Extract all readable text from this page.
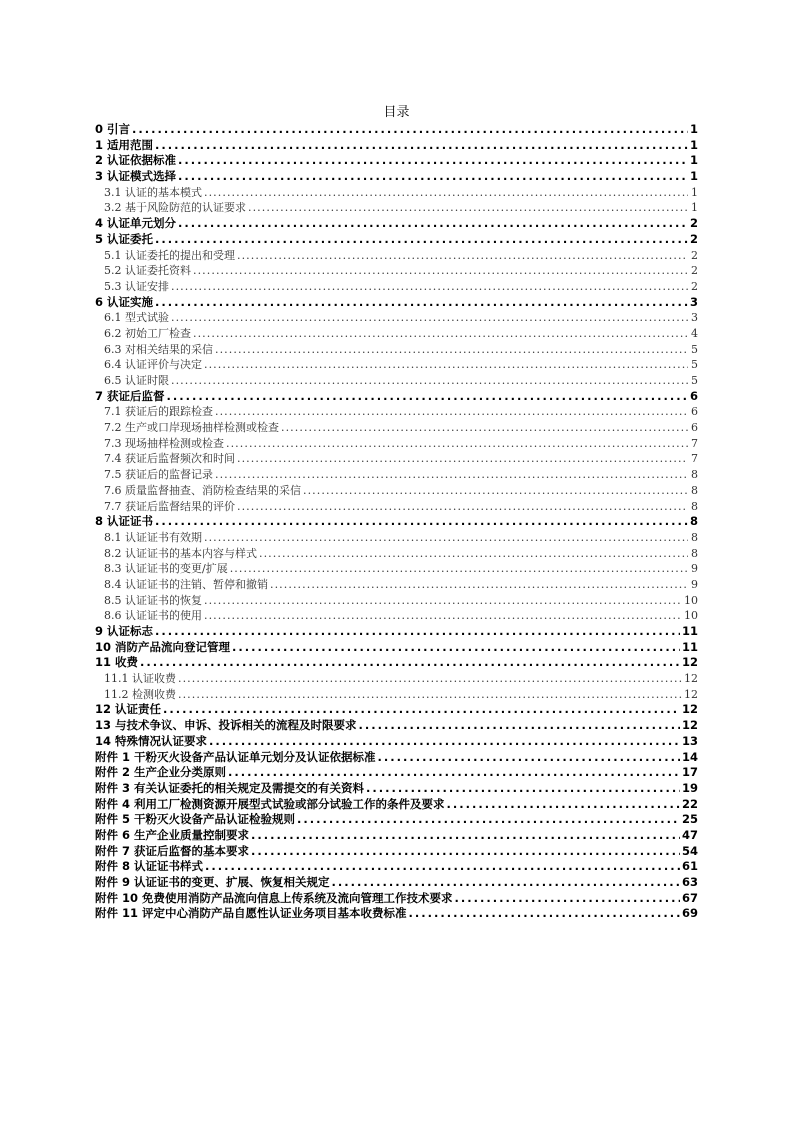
目录
0 引言 . . .	1
1 适用范围 . . .	1
2 认证依据标准 . . .	1
3 认证模式选择 . . .	1
3.1 认证的基本模式 . . .	1
3.2 基于风险防范的认证要求 . . .	1
4 认证单元划分 . . .	2
5 认证委托 . . .	2
5.1 认证委托的提出和受理 . . .	2
5.2 认证委托资料 . . .	2
5.3 认证安排 . . .	2
6 认证实施 . . .	3
6.1 型式试验 . . .	3
6.2 初始工厂检查 . . .	4
6.3 对相关结果的采信 . . .	5
6.4 认证评价与决定 . . .	5
6.5 认证时限 . . .	5
7 获证后监督 . . .	6
7.1 获证后的跟踪检查 . . .	6
7.2 生产或口岸现场抽样检测或检查 . . .	6
7.3 现场抽样检测或检查 . . .	7
7.4 获证后监督频次和时间 . . .	7
7.5 获证后的监督记录 . . .	8
7.6 质量监督抽查、消防检查结果的采信 . . .	8
7.7 获证后监督结果的评价 . . .	8
8 认证证书 . . .	8
8.1 认证证书有效期 . . .	8
8.2 认证证书的基本内容与样式 . . .	8
8.3 认证证书的变更/扩展 . . .	9
8.4 认证证书的注销、暂停和撤销 . . .	9
8.5 认证证书的恢复 . . .	10
8.6 认证证书的使用 . . .	10
9 认证标志 . . .	11
10 消防产品流向登记管理 . . .	11
11 收费 . . .	12
11.1 认证收费 . . .	12
11.2 检测收费 . . .	12
12 认证责任 . . .	12
13 与技术争议、申诉、投诉相关的流程及时限要求 . . .	12
14 特殊情况认证要求 . . .	13
附件 1 干粉灭火设备产品认证单元划分及认证依据标准 . . .	14
附件 2 生产企业分类原则 . . .	17
附件 3 有关认证委托的相关规定及需提交的有关资料 . . .	19
附件 4 利用工厂检测资源开展型式试验或部分试验工作的条件及要求 . . .	22
附件 5 干粉灭火设备产品认证检验规则 . . .	25
附件 6 生产企业质量控制要求 . . .	47
附件 7 获证后监督的基本要求 . . .	54
附件 8 认证证书样式 . . .	61
附件 9 认证证书的变更、扩展、恢复相关规定 . . .	63
附件 10 免费使用消防产品流向信息上传系统及流向管理工作技术要求 . . .	67
附件 11 评定中心消防产品自愿性认证业务项目基本收费标准 . . .	69
